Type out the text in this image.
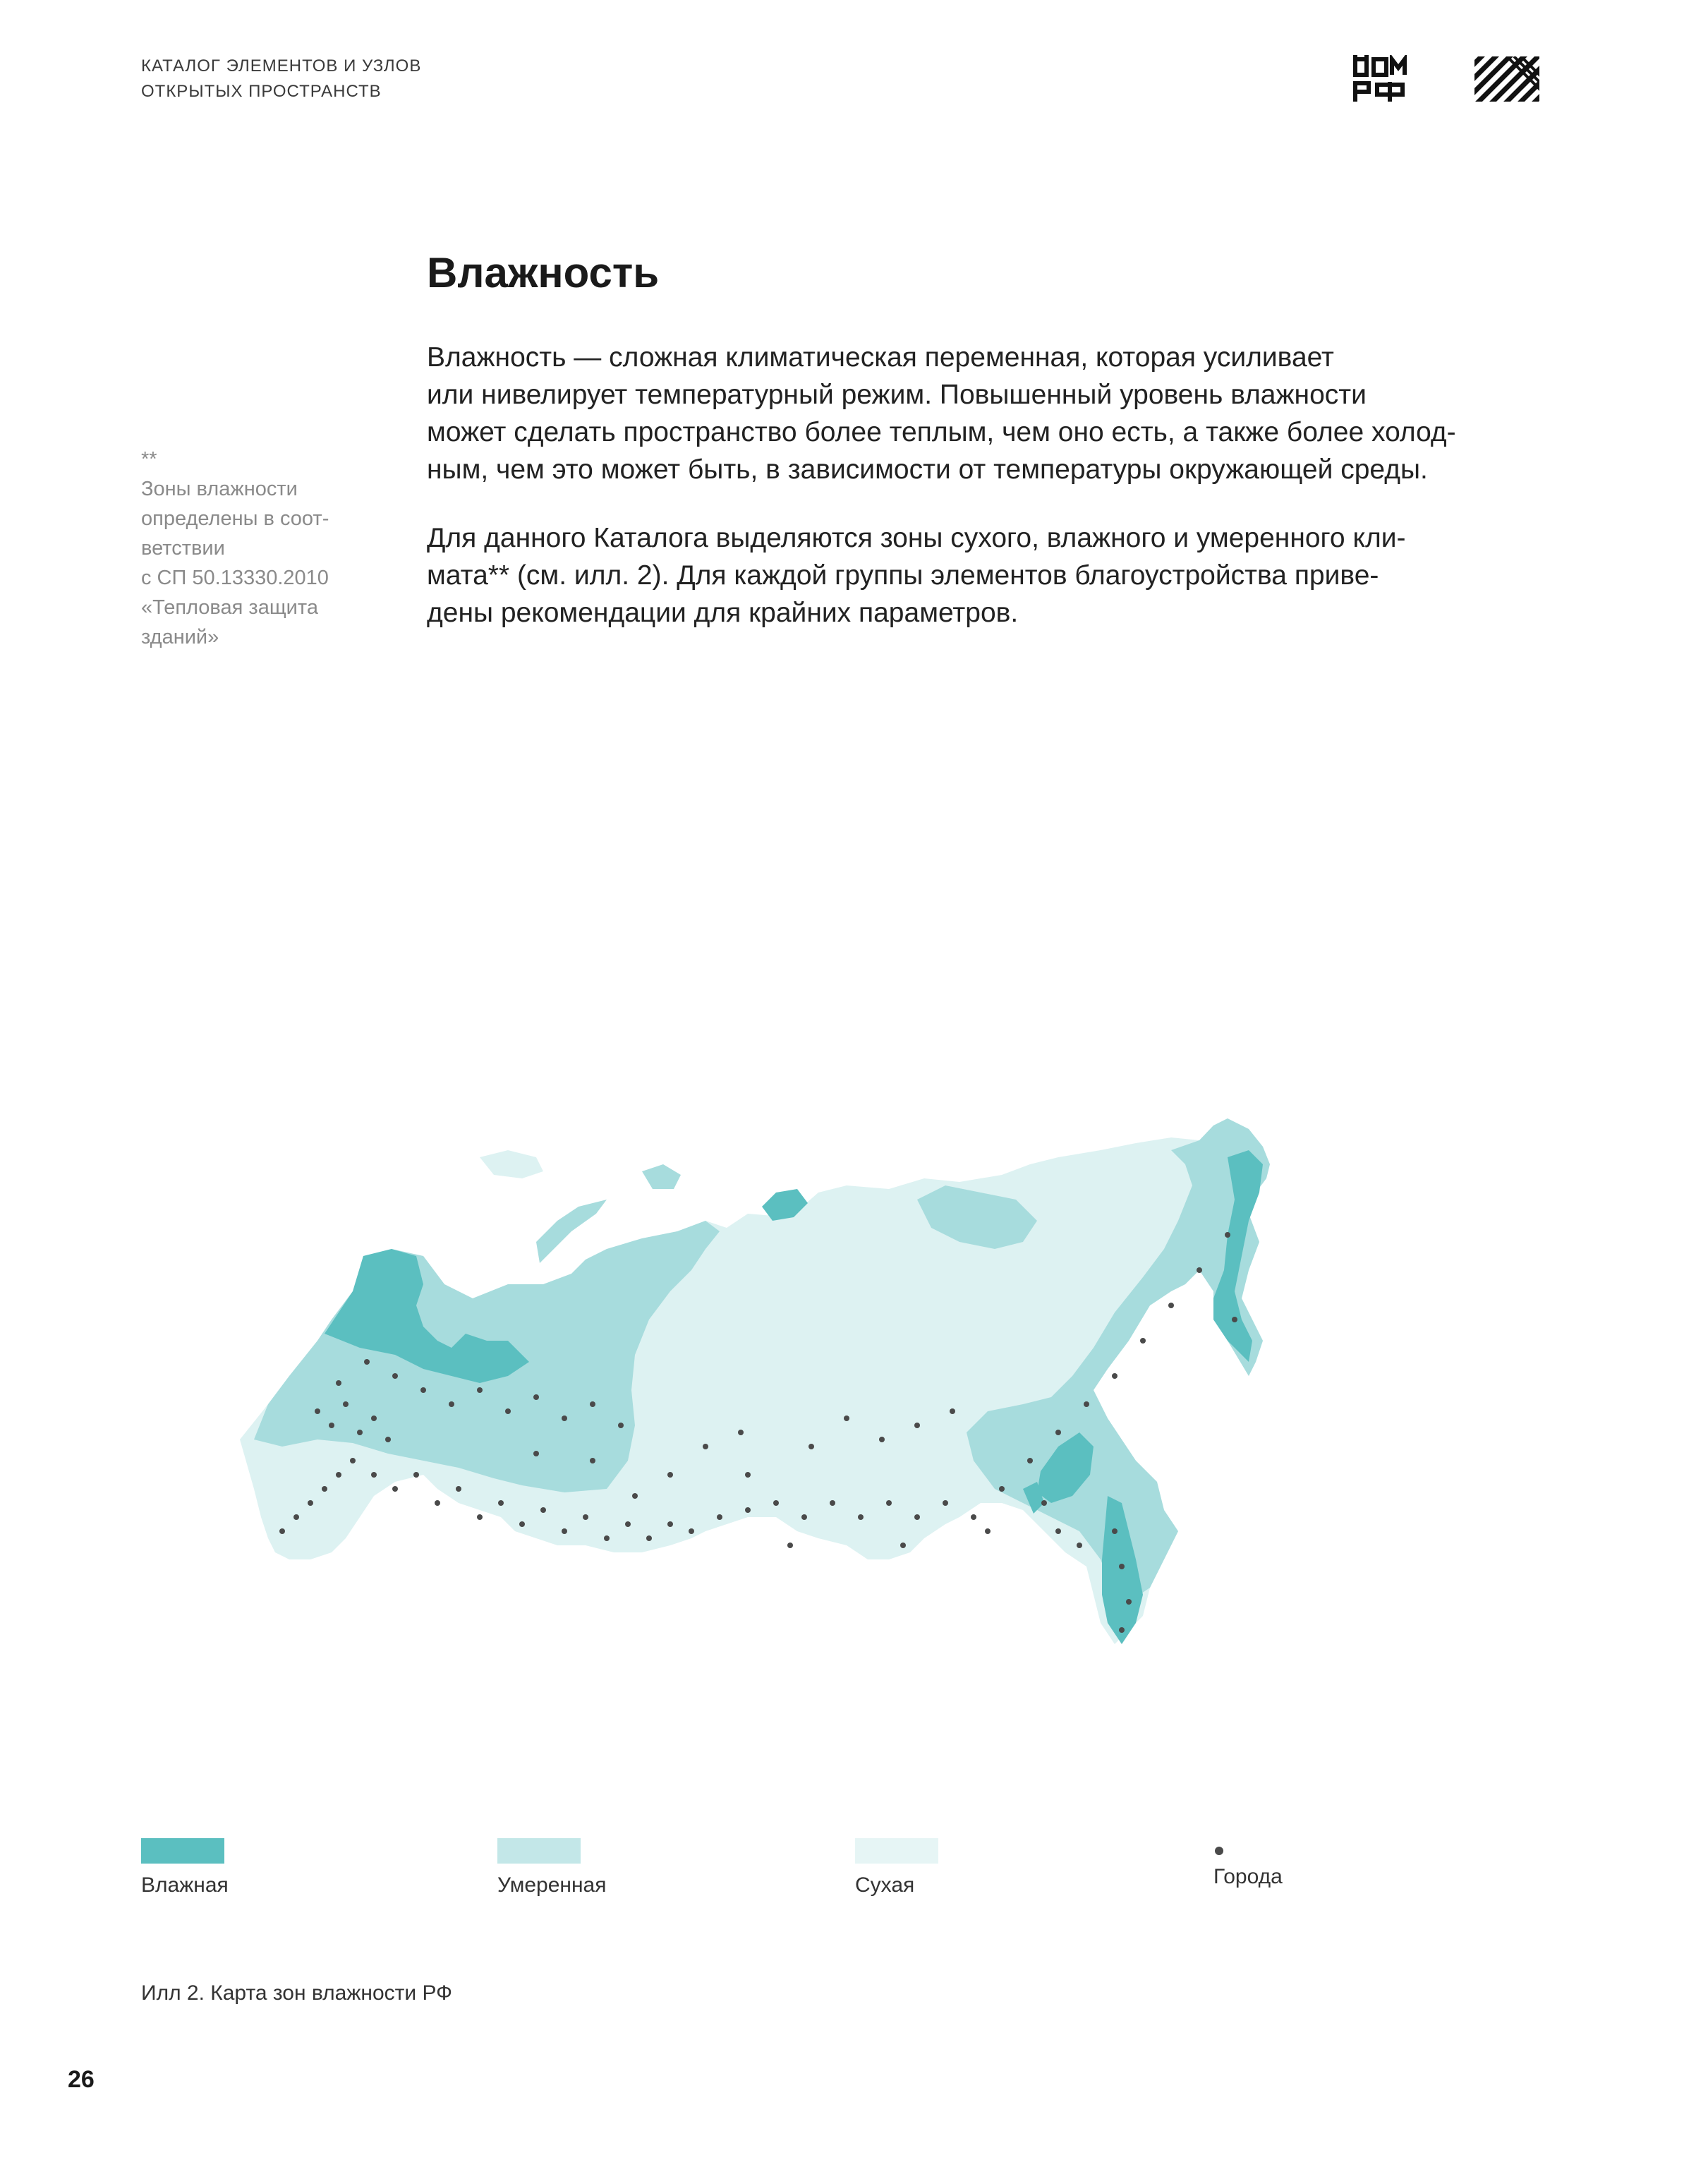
КАТАЛОГ ЭЛЕМЕНТОВ И УЗЛОВ
ОТКРЫТЫХ ПРОСТРАНСТВ
Влажность

Влажность — сложная климатическая переменная, которая усиливает
или нивелирует температурный режим. Повышенный уровень влажности
может сделать пространство более теплым, чем оно есть, а также более холод-
ным, чем это может быть, в зависимости от температуры окружающей среды.

Для данного Каталога выделяются зоны сухого, влажного и умеренного кли-
мата** (см. илл. 2). Для каждой группы элементов благоустройства приве-
дены рекомендации для крайних параметров.

**
Зоны влажности
определены в соот-
ветствии
с СП 50.13330.2010
«Тепловая защита
зданий»
Влажная	Умеренная	Сухая	Города
Илл 2. Карта зон влажности РФ
26
